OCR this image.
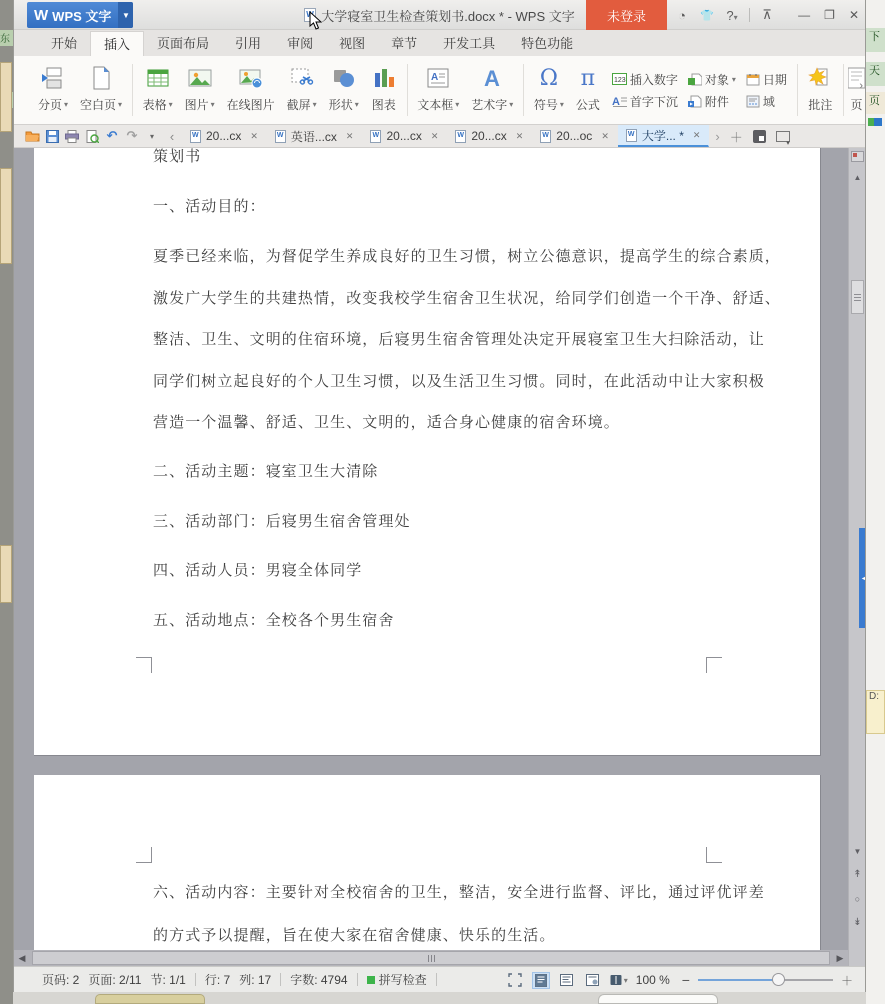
东	下
天
页
D:
W WPS 文字 ▼ W	大学寝室卫生检查策划书.docx * - WPS 文字	未登录 ◔ 👕	? ▾
⊼
—
❐
✕
开始	插入	页面布局	引用	审阅	视图	章节	开发工具	特色功能
分页 ▾ 空白页 ▾ 表格 ▾ 图片 ▾ 在线图片 截屏 ▾ 形状 ▾ 图表
A
文本框
▾
A
艺术字 ▾
Ω 符号 ▾
π 公式
123 插入数字 对象 ▾	日期
A 首字下沉 附件	域	批注 页
›
↶
↷
▾
‹
W
20...cx ✕ W	英语...cx ✕ W	20...cx ✕ W	20...cx ✕ W	20...oc ✕ W	大学... *
✕
›
＋
▾
策划书
一、活动目的：
夏季已经来临，为督促学生养成良好的卫生习惯，树立公德意识，提高学生的综合素质，
激发广大学生的共建热情，改变我校学生宿舍卫生状况，给同学们创造一个干净、舒适、
整洁、卫生、文明的住宿环境，后寝男生宿舍管理处决定开展寝室卫生大扫除活动，让
同学们树立起良好的个人卫生习惯，以及生活卫生习惯。同时，在此活动中让大家积极
营造一个温馨、舒适、卫生、文明的，适合身心健康的宿舍环境。
二、活动主题：寝室卫生大清除
三、活动部门：后寝男生宿舍管理处
四、活动人员：男寝全体同学
五、活动地点：全校各个男生宿舍
六、活动内容：主要针对全校宿舍的卫生，整洁，安全进行监督、评比，通过评优评差
的方式予以提醒，旨在使大家在宿舍健康、快乐的生活。
▲
▼
↟
○
↡
◀
◀
▶
页码: 2 页面: 2/11 节: 1/1 行: 7 列: 17 字数: 4794	拼写检查 ▾	100 %
−
＋
